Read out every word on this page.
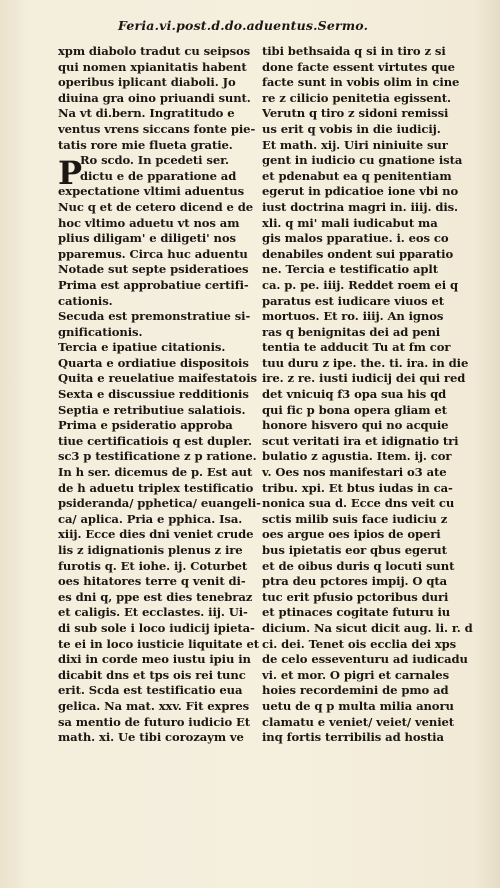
Feria.vi.post.d.do.aduentus.Sermo.
P
xpm diabolo tradut cu seipsos
qui nomen xpianitatis habent
operibus iplicant diaboli. Jo
diuina gra oino priuandi sunt.
Na vt di.bern. Ingratitudo e
ventus vrens siccans fonte pie-
tatis rore mie flueta gratie.
Ro scdo. In pcedeti ser.
dictu e de pparatione ad
expectatione vltimi aduentus
Nuc q et de cetero dicend e de
hoc vltimo aduetu vt nos am
plius diligam' e diligeti' nos
pparemus. Circa huc aduentu
Notade sut septe psideratioes
Prima est approbatiue certifi-
cationis.
Secuda est premonstratiue si-
gnificationis.
Tercia e ipatiue citationis.
Quarta e ordiatiue dispositois
Quita e reuelatiue maifestatois
Sexta e discussiue redditionis
Septia e retributiue salatiois.
Prima e psideratio approba
tiue certificatiois q est dupler.
sc3 p testificatione z p ratione.
In h ser. dicemus de p. Est aut
de h aduetu triplex testificatio
psideranda/ pphetica/ euangeli-
ca/ aplica. Pria e pphica. Isa.
xiij. Ecce dies dni veniet crude
lis z idignationis plenus z ire
furotis q. Et iohe. ij. Coturbet
oes hitatores terre q venit di-
es dni q, ppe est dies tenebraz
et caligis. Et ecclastes. iij. Ui-
di sub sole i loco iudicij ipieta-
te ei in loco iusticie liquitate et
dixi in corde meo iustu ipiu in
dicabit dns et tps ois rei tunc
erit. Scda est testificatio eua
gelica. Na mat. xxv. Fit expres
sa mentio de futuro iudicio Et
math. xi. Ue tibi corozaym ve
tibi bethsaida q si in tiro z si
done facte essent virtutes que
facte sunt in vobis olim in cine
re z cilicio penitetia egissent.
Verutn q tiro z sidoni remissi
us erit q vobis in die iudicij.
Et math. xij. Uiri niniuite sur
gent in iudicio cu gnatione ista
et pdenabut ea q penitentiam
egerut in pdicatioe ione vbi no
iust doctrina magri in. iiij. dis.
xli. q mi' mali iudicabut ma
gis malos pparatiue. i. eos co
denabiles ondent sui pparatio
ne. Tercia e testificatio aplt
ca. p. pe. iiij. Reddet roem ei q
paratus est iudicare viuos et
mortuos. Et ro. iiij. An ignos
ras q benignitas dei ad peni
tentia te adducit Tu at fm cor
tuu duru z ipe. the. ti. ira. in die
ire. z re. iusti iudicij dei qui red
det vnicuiq f3 opa sua his qd
qui fic p bona opera gliam et
honore hisvero qui no acquie
scut veritati ira et idignatio tri
bulatio z agustia. Item. ij. cor
v. Oes nos manifestari o3 ate
tribu. xpi. Et btus iudas in ca-
nonica sua d. Ecce dns veit cu
sctis milib suis face iudiciu z
oes argue oes ipios de operi
bus ipietatis eor qbus egerut
et de oibus duris q locuti sunt
ptra deu pctores impij. O qta
tuc erit pfusio pctoribus duri
et ptinaces cogitate futuru iu
dicium. Na sicut dicit aug. li. r. d
ci. dei. Tenet ois ecclia dei xps
de celo esseventuru ad iudicadu
vi. et mor. O pigri et carnales
hoies recordemini de pmo ad
uetu de q p multa milia anoru
clamatu e veniet/ veiet/ veniet
inq fortis terribilis ad hostia
